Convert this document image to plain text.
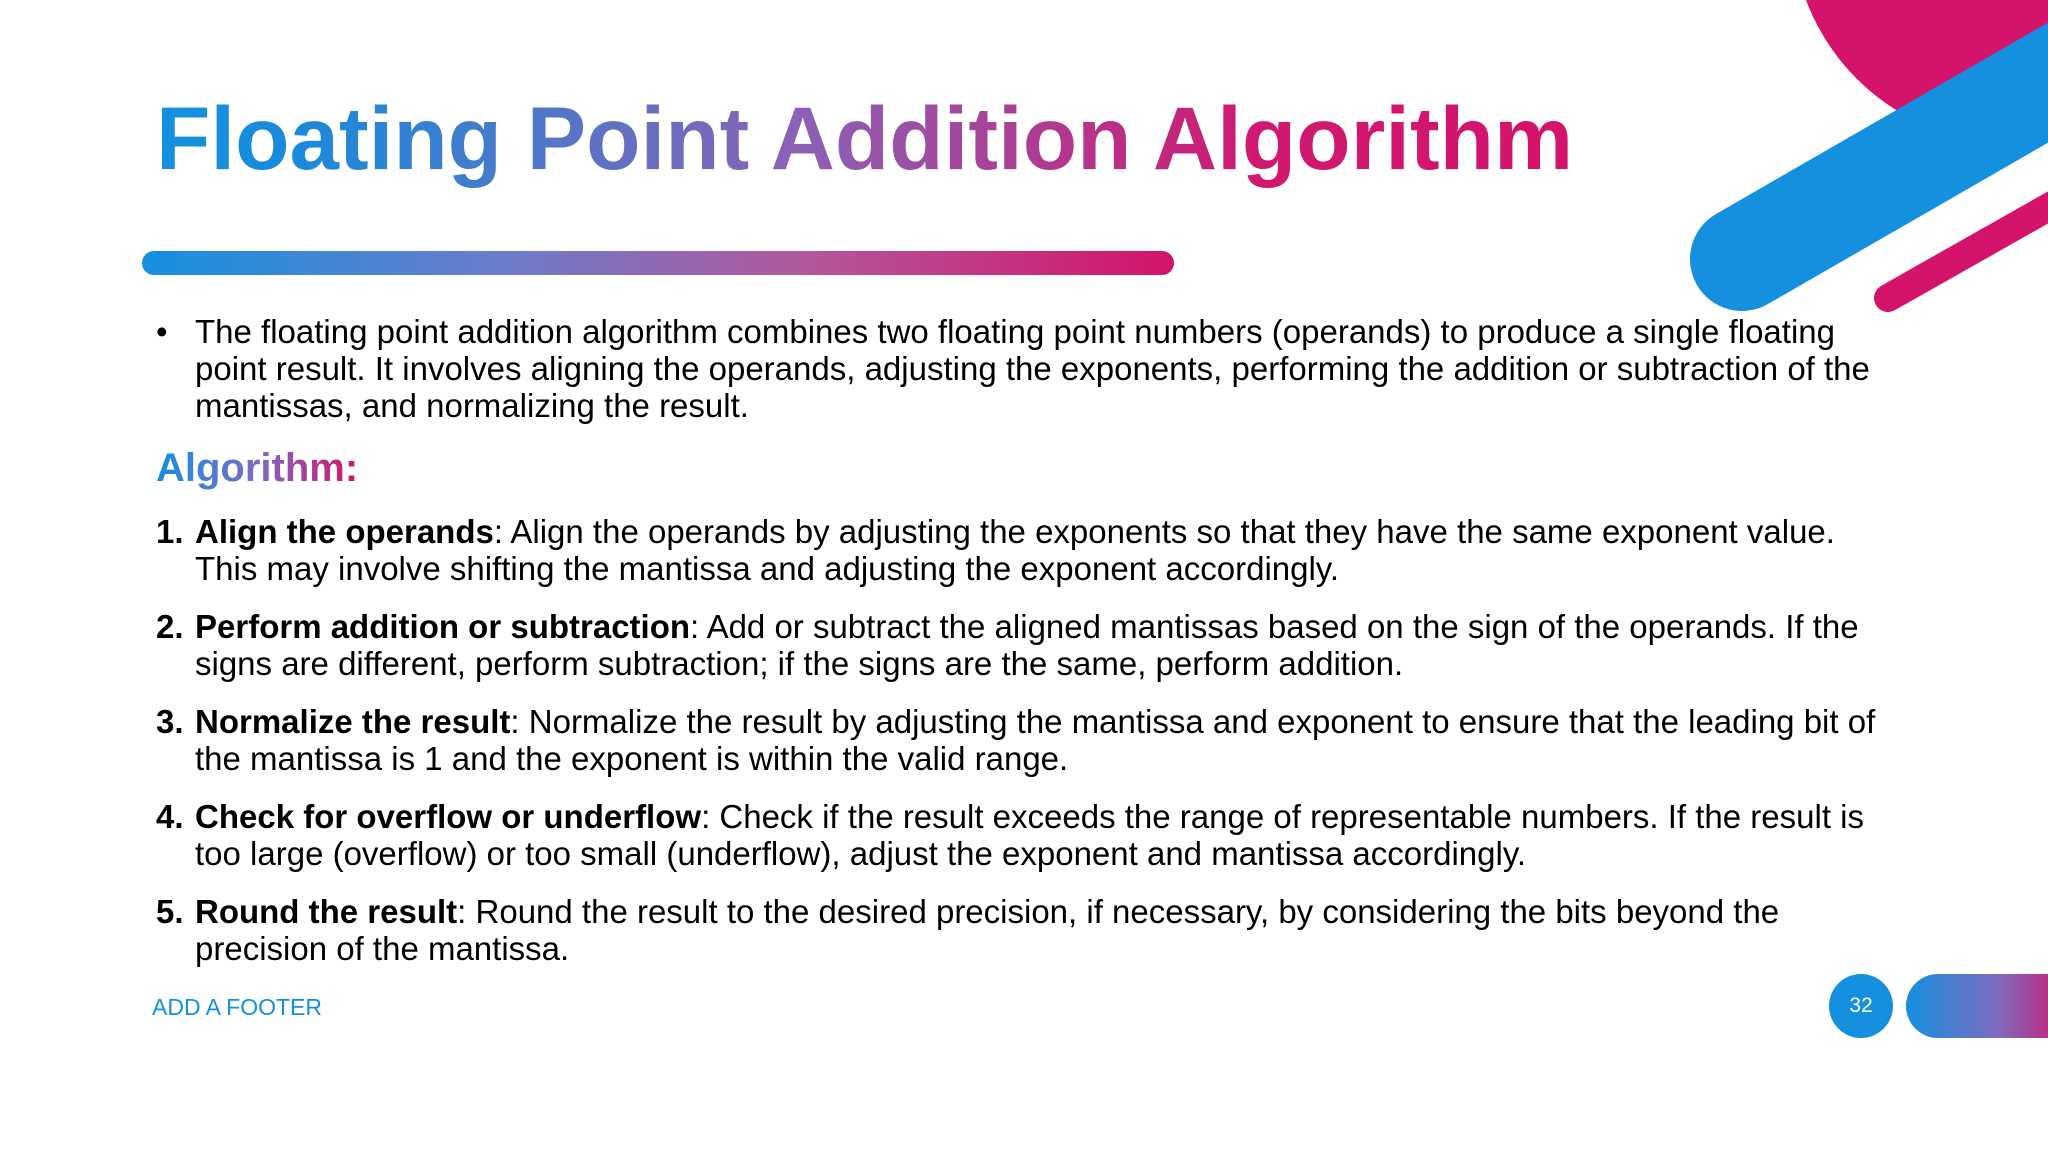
Floating Point Addition Algorithm
• The floating point addition algorithm combines two floating point numbers (operands) to produce a single floating point result. It involves aligning the operands, adjusting the exponents, performing the addition or subtraction of the mantissas, and normalizing the result.
Algorithm:
1. Align the operands: Align the operands by adjusting the exponents so that they have the same exponent value. This may involve shifting the mantissa and adjusting the exponent accordingly.
2. Perform addition or subtraction: Add or subtract the aligned mantissas based on the sign of the operands. If the signs are different, perform subtraction; if the signs are the same, perform addition.
3. Normalize the result: Normalize the result by adjusting the mantissa and exponent to ensure that the leading bit of the mantissa is 1 and the exponent is within the valid range.
4. Check for overflow or underflow: Check if the result exceeds the range of representable numbers. If the result is too large (overflow) or too small (underflow), adjust the exponent and mantissa accordingly.
5. Round the result: Round the result to the desired precision, if necessary, by considering the bits beyond the precision of the mantissa.
ADD A FOOTER	32
